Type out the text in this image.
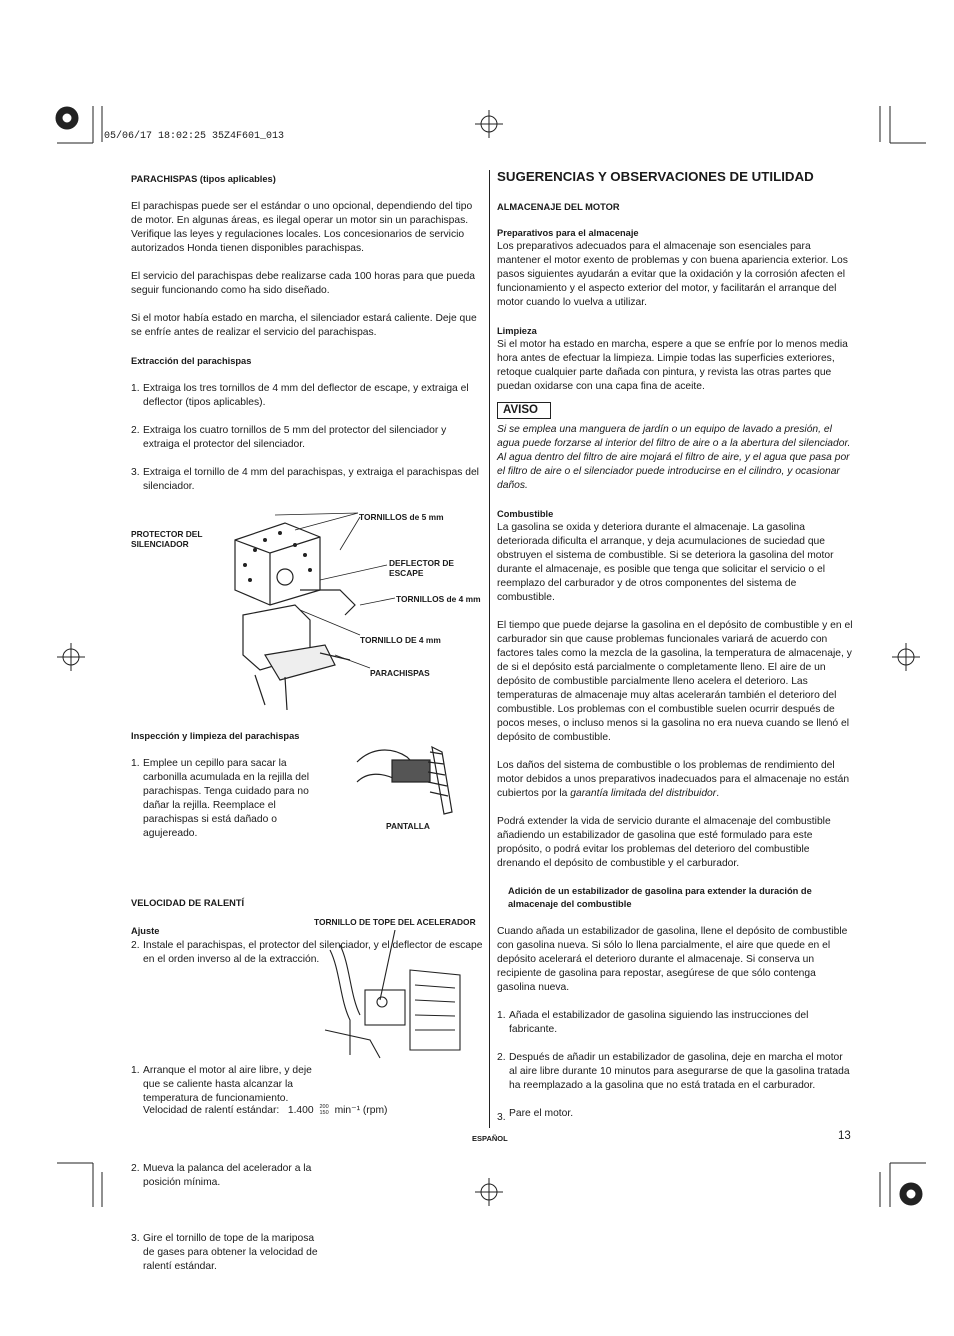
05/06/17 18:02:25 35Z4F601_013

PARACHISPAS (tipos aplicables)

El parachispas puede ser el estándar o uno opcional, dependiendo del tipo de motor. En algunas áreas, es ilegal operar un motor sin un parachispas. Verifique las leyes y regulaciones locales. Los concesionarios de servicio autorizados Honda tienen disponibles parachispas.

El servicio del parachispas debe realizarse cada 100 horas para que pueda seguir funcionando como ha sido diseñado.

Si el motor había estado en marcha, el silenciador estará caliente. Deje que se enfríe antes de realizar el servicio del parachispas.

Extracción del parachispas

1. Extraiga los tres tornillos de 4 mm del deflector de escape, y extraiga el deflector (tipos aplicables).
2. Extraiga los cuatro tornillos de 5 mm del protector del silenciador y extraiga el protector del silenciador.
3. Extraiga el tornillo de 4 mm del parachispas, y extraiga el parachispas del silenciador.
PROTECTOR DEL SILENCIADOR
TORNILLOS de 5 mm
DEFLECTOR DE ESCAPE
TORNILLOS de 4 mm
TORNILLO DE 4 mm
PARACHISPAS
Inspección y limpieza del parachispas
1. Emplee un cepillo para sacar la carbonilla acumulada en la rejilla del parachispas. Tenga cuidado para no dañar la rejilla. Reemplace el parachispas si está dañado o agujereado.
PANTALLA
2. Instale el parachispas, el protector del silenciador, y el deflector de escape en el orden inverso al de la extracción.
VELOCIDAD DE RALENTÍ
Ajuste
TORNILLO DE TOPE DEL ACELERADOR
1. Arranque el motor al aire libre, y deje que se caliente hasta alcanzar la temperatura de funcionamiento.
2. Mueva la palanca del acelerador a la posición mínima.
3. Gire el tornillo de tope de la mariposa de gases para obtener la velocidad de ralentí estándar.
Velocidad de ralentí estándar: 1.400 200
150 min⁻¹ (rpm)
SUGERENCIAS Y OBSERVACIONES DE UTILIDAD

ALMACENAJE DEL MOTOR

Preparativos para el almacenaje

Los preparativos adecuados para el almacenaje son esenciales para mantener el motor exento de problemas y con buena apariencia exterior. Los pasos siguientes ayudarán a evitar que la oxidación y la corrosión afecten el funcionamiento y el aspecto exterior del motor, y facilitarán el arranque del motor cuando lo vuelva a utilizar.

Limpieza

Si el motor ha estado en marcha, espere a que se enfríe por lo menos media hora antes de efectuar la limpieza. Limpie todas las superficies exteriores, retoque cualquier parte dañada con pintura, y revista las otras partes que puedan oxidarse con una capa fina de aceite.

AVISO

Si se emplea una manguera de jardín o un equipo de lavado a presión, el agua puede forzarse al interior del filtro de aire o a la abertura del silenciador. Al agua dentro del filtro de aire mojará el filtro de aire, y el agua que pasa por el filtro de aire o el silenciador puede introducirse en el cilindro, y ocasionar daños.

Combustible

La gasolina se oxida y deteriora durante el almacenaje. La gasolina deteriorada dificulta el arranque, y deja acumulaciones de suciedad que obstruyen el sistema de combustible. Si se deteriora la gasolina del motor durante el almacenaje, es posible que tenga que solicitar el servicio o el reemplazo del carburador y de otros componentes del sistema de combustible.

El tiempo que puede dejarse la gasolina en el depósito de combustible y en el carburador sin que cause problemas funcionales variará de acuerdo con factores tales como la mezcla de la gasolina, la temperatura de almacenaje, y de si el depósito está parcialmente o completamente lleno. El aire de un depósito de combustible parcialmente lleno acelera el deterioro. Las temperaturas de almacenaje muy altas acelerarán también el deterioro del combustible. Los problemas con el combustible suelen ocurrir después de pocos meses, o incluso menos si la gasolina no era nueva cuando se llenó el depósito de combustible.

Los daños del sistema de combustible o los problemas de rendimiento del motor debidos a unos preparativos inadecuados para el almacenaje no están cubiertos por la garantía limitada del distribuidor.

Podrá extender la vida de servicio durante el almacenaje del combustible añadiendo un estabilizador de gasolina que esté formulado para este propósito, o podrá evitar los problemas del deterioro del combustible drenando el depósito de combustible y el carburador.

Adición de un estabilizador de gasolina para extender la duración de almacenaje del combustible

Cuando añada un estabilizador de gasolina, llene el depósito de combustible con gasolina nueva. Si sólo lo llena parcialmente, el aire que quede en el depósito acelerará el deterioro durante el almacenaje. Si conserva un recipiente de gasolina para repostar, asegúrese de que sólo contenga gasolina nueva.

1. Añada el estabilizador de gasolina siguiendo las instrucciones del fabricante.
2. Después de añadir un estabilizador de gasolina, deje en marcha el motor al aire libre durante 10 minutos para asegurarse de que la gasolina tratada ha reemplazado a la gasolina que no está tratada en el carburador.
3. Pare el motor.
ESPAÑOL	13
